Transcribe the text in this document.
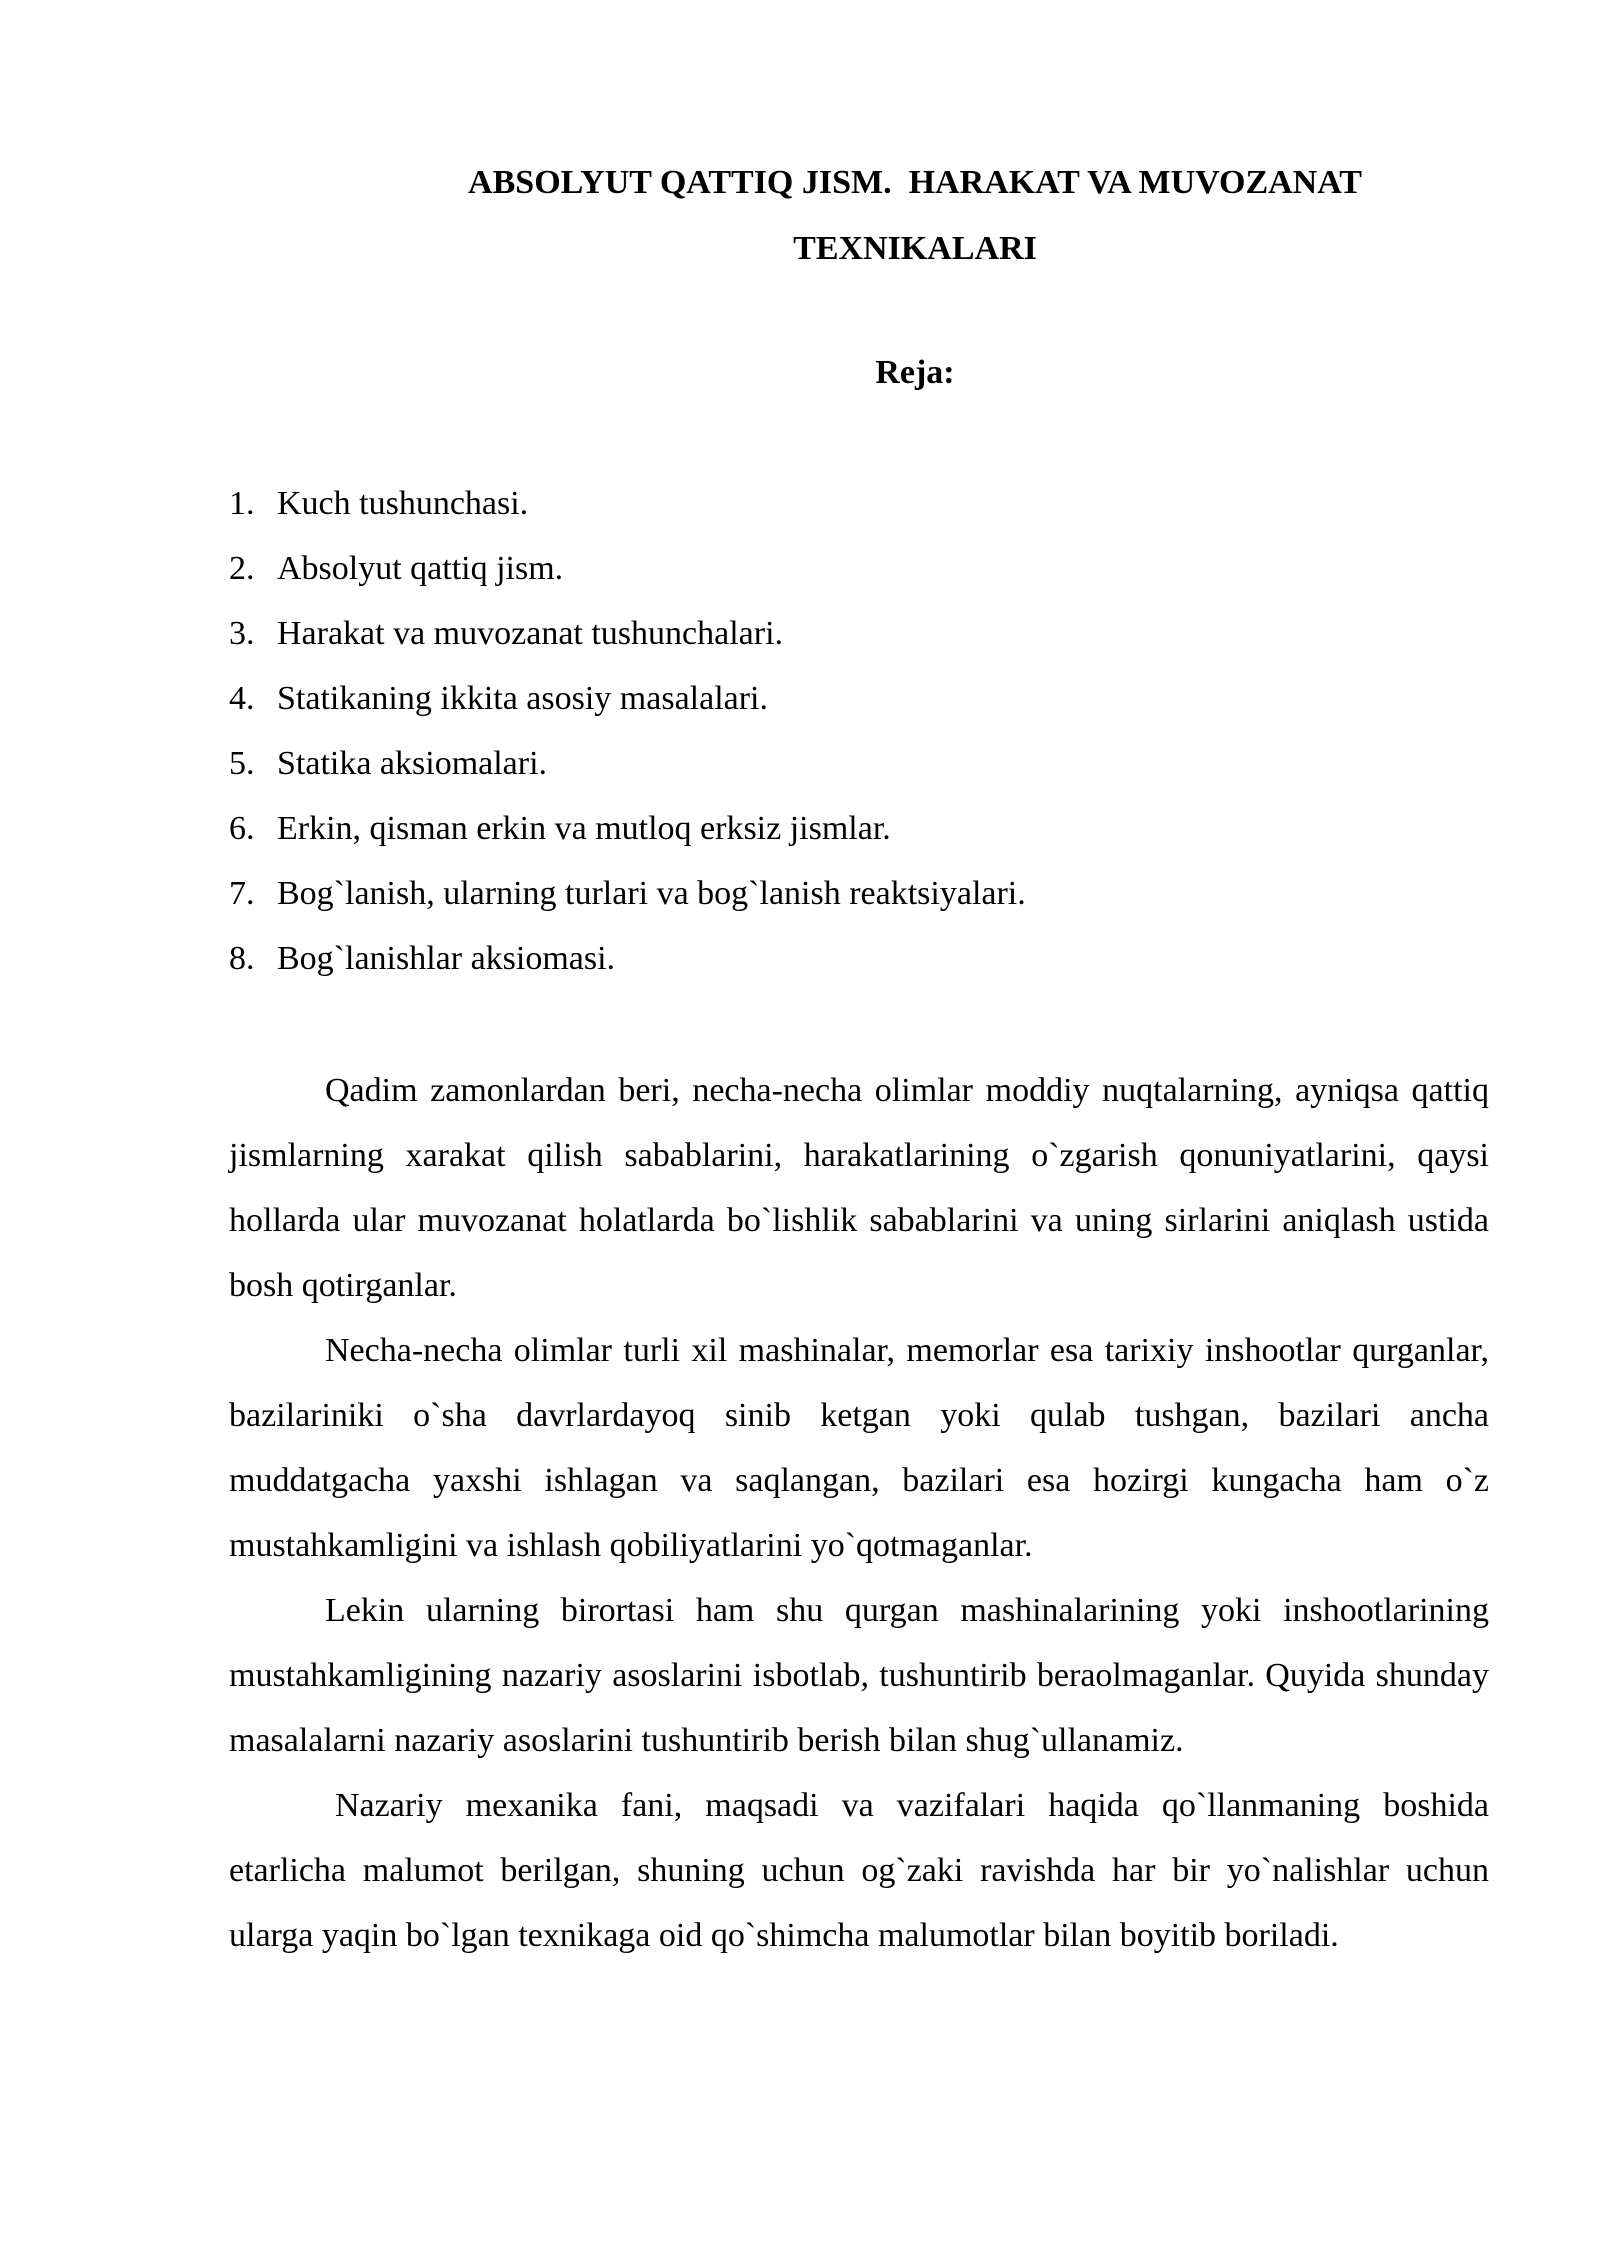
ABSOLYUT QATTIQ JISM.  HARAKAT VA MUVOZANAT
TEXNIKALARI
Reja:
1. Kuch tushunchasi.
2. Absolyut qattiq jism.
3. Harakat va muvozanat tushunchalari.
4. Statikaning ikkita asosiy masalalari.
5. Statika aksiomalari.
6. Erkin, qisman erkin va mutloq erksiz jismlar.
7. Bog`lanish, ularning turlari va bog`lanish reaktsiyalari.
8. Bog`lanishlar aksiomasi.

Qadim zamonlardan beri, necha-necha olimlar moddiy nuqtalarning, ayniqsa qattiq jismlarning xarakat qilish sabablarini, harakatlarining o`zgarish qonuniyatlarini, qaysi hollarda ular muvozanat holatlarda bo`lishlik sabablarini va uning sirlarini aniqlash ustida bosh qotirganlar.

Necha-necha olimlar turli xil mashinalar, memorlar esa tarixiy inshootlar qurganlar, bazilariniki o`sha davrlardayoq sinib ketgan yoki qulab tushgan, bazilari ancha muddatgacha yaxshi ishlagan va saqlangan, bazilari esa hozirgi kungacha ham o`z mustahkamligini va ishlash qobiliyatlarini yo`qotmaganlar.

Lekin ularning birortasi ham shu qurgan mashinalarining yoki inshootlarining mustahkamligining nazariy asoslarini isbotlab, tushuntirib beraolmaganlar. Quyida shunday masalalarni nazariy asoslarini tushuntirib berish bilan shug`ullanamiz.

Nazariy mexanika fani, maqsadi va vazifalari haqida qo`llanmaning boshida etarlicha malumot berilgan, shuning uchun og`zaki ravishda har bir yo`nalishlar uchun ularga yaqin bo`lgan texnikaga oid qo`shimcha malumotlar bilan boyitib boriladi.
